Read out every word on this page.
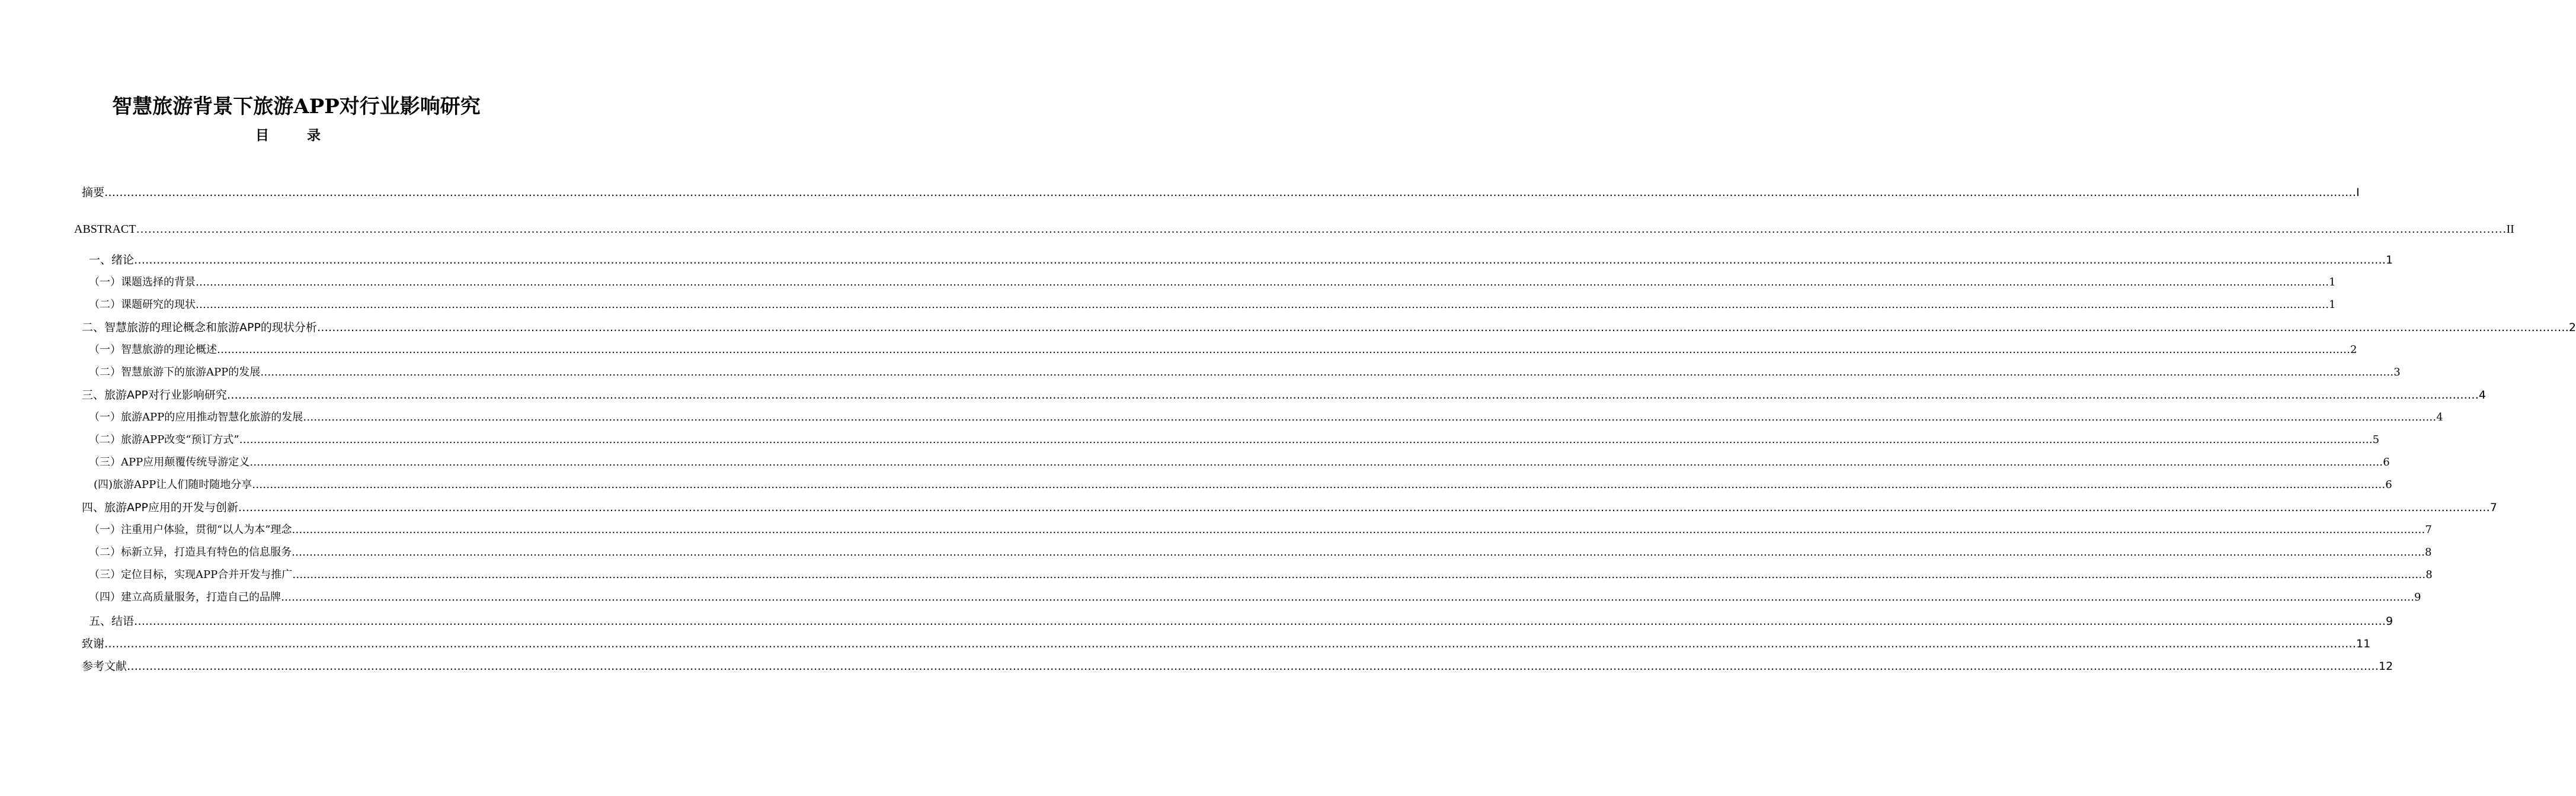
智慧旅游背景下旅游APP对行业影响研究
目 录
摘要 …………………………………………………………………………………………………………………………………………………………………………………………………………………………………………………………………………………………………………………………………………………………………………………………………………………………………………………………………………………………………………………………………………………… I
ABSTRACT …………………………………………………………………………………………………………………………………………………………………………………………………………………………………………………………………………………………………………………………………………………………………………………………………………………………………………………………………………………………………………………………………………………… II
一、绪论 …………………………………………………………………………………………………………………………………………………………………………………………………………………………………………………………………………………………………………………………………………………………………………………………………………………………………………………………………………………………………………………………………………………… 1
（一）课题选择的背景 …………………………………………………………………………………………………………………………………………………………………………………………………………………………………………………………………………………………………………………………………………………………………………………………………………………………………………………………………………………………………………………………………………………… 1
（二）课题研究的现状 …………………………………………………………………………………………………………………………………………………………………………………………………………………………………………………………………………………………………………………………………………………………………………………………………………………………………………………………………………………………………………………………………………………… 1
二、智慧旅游的理论概念和旅游APP的现状分析 …………………………………………………………………………………………………………………………………………………………………………………………………………………………………………………………………………………………………………………………………………………………………………………………………………………………………………………………………………………………………………………………………………………… 2
（一）智慧旅游的理论概述 …………………………………………………………………………………………………………………………………………………………………………………………………………………………………………………………………………………………………………………………………………………………………………………………………………………………………………………………………………………………………………………………………………………… 2
（二）智慧旅游下的旅游APP的发展 …………………………………………………………………………………………………………………………………………………………………………………………………………………………………………………………………………………………………………………………………………………………………………………………………………………………………………………………………………………………………………………………………………………… 3
三、旅游APP对行业影响研究 …………………………………………………………………………………………………………………………………………………………………………………………………………………………………………………………………………………………………………………………………………………………………………………………………………………………………………………………………………………………………………………………………………………… 4
（一）旅游APP的应用推动智慧化旅游的发展 …………………………………………………………………………………………………………………………………………………………………………………………………………………………………………………………………………………………………………………………………………………………………………………………………………………………………………………………………………………………………………………………………………………… 4
（二）旅游APP改变“预订方式” …………………………………………………………………………………………………………………………………………………………………………………………………………………………………………………………………………………………………………………………………………………………………………………………………………………………………………………………………………………………………………………………………………………… 5
（三）APP应用颠覆传统导游定义 …………………………………………………………………………………………………………………………………………………………………………………………………………………………………………………………………………………………………………………………………………………………………………………………………………………………………………………………………………………………………………………………………………………… 6
(四)旅游APP让人们随时随地分享 …………………………………………………………………………………………………………………………………………………………………………………………………………………………………………………………………………………………………………………………………………………………………………………………………………………………………………………………………………………………………………………………………………………… 6
四、旅游APP应用的开发与创新 …………………………………………………………………………………………………………………………………………………………………………………………………………………………………………………………………………………………………………………………………………………………………………………………………………………………………………………………………………………………………………………………………………………… 7
（一）注重用户体验，贯彻“以人为本”理念 …………………………………………………………………………………………………………………………………………………………………………………………………………………………………………………………………………………………………………………………………………………………………………………………………………………………………………………………………………………………………………………………………………………… 7
（二）标新立异，打造具有特色的信息服务 …………………………………………………………………………………………………………………………………………………………………………………………………………………………………………………………………………………………………………………………………………………………………………………………………………………………………………………………………………………………………………………………………………………… 8
（三）定位目标，实现APP合并开发与推广 …………………………………………………………………………………………………………………………………………………………………………………………………………………………………………………………………………………………………………………………………………………………………………………………………………………………………………………………………………………………………………………………………………………… 8
（四）建立高质量服务，打造自己的品牌 …………………………………………………………………………………………………………………………………………………………………………………………………………………………………………………………………………………………………………………………………………………………………………………………………………………………………………………………………………………………………………………………………………………… 9
五、结语 …………………………………………………………………………………………………………………………………………………………………………………………………………………………………………………………………………………………………………………………………………………………………………………………………………………………………………………………………………………………………………………………………………………… 9
致谢 …………………………………………………………………………………………………………………………………………………………………………………………………………………………………………………………………………………………………………………………………………………………………………………………………………………………………………………………………………………………………………………………………………………… 11
参考文献 …………………………………………………………………………………………………………………………………………………………………………………………………………………………………………………………………………………………………………………………………………………………………………………………………………………………………………………………………………………………………………………………………………………… 12
